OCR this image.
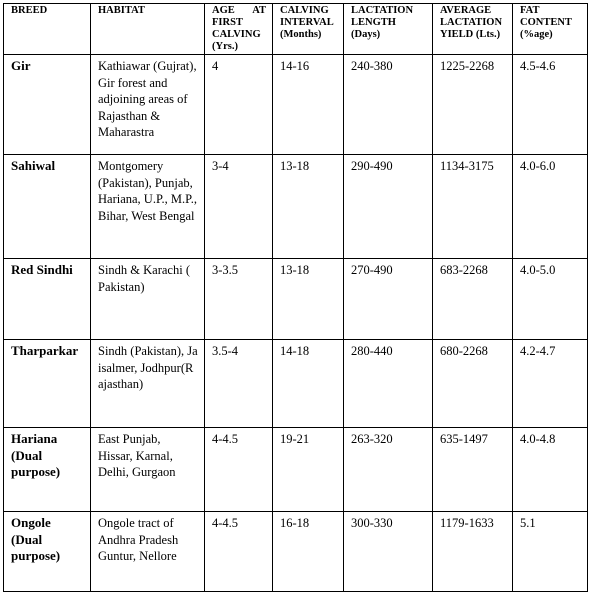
BREED	HABITAT	AGE AT FIRST CALVING (Yrs.)	CALVING INTERVAL (Months)	LACTATION LENGTH (Days)	AVERAGE LACTATION YIELD (Lts.)	FAT CONTENT (%age)
Gir	Kathiawar (Gujrat), Gir forest and adjoining areas of Rajasthan & Maharastra	4	14-16	240-380	1225-2268	4.5-4.6
Sahiwal	Montgomery (Pakistan), Punjab, Hariana, U.P., M.P., Bihar, West Bengal	3-4	13-18	290-490	1134-3175	4.0-6.0
Red Sindhi	Sindh & Karachi ( Pakistan)	3-3.5	13-18	270-490	683-2268	4.0-5.0
Tharparkar	Sindh (Pakistan), Jaisalmer, Jodhpur(Rajasthan)	3.5-4	14-18	280-440	680-2268	4.2-4.7
Hariana (Dual purpose)	East Punjab, Hissar, Karnal, Delhi, Gurgaon	4-4.5	19-21	263-320	635-1497	4.0-4.8
Ongole (Dual purpose)	Ongole tract of Andhra Pradesh Guntur, Nellore	4-4.5	16-18	300-330	1179-1633	5.1
